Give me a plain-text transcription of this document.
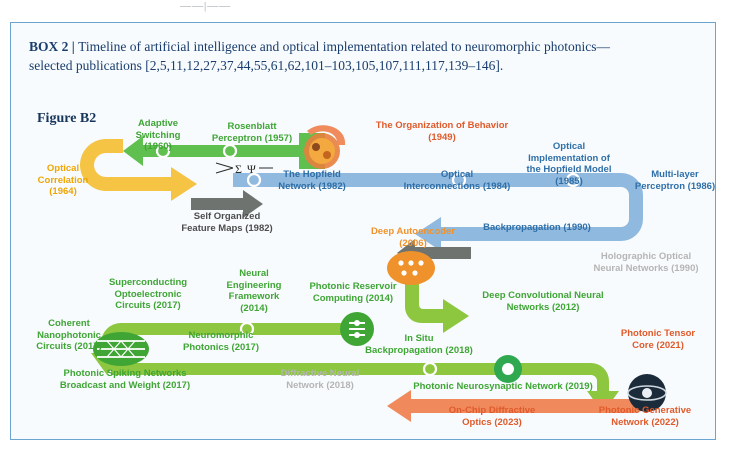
——|——
BOX 2 | Timeline of artificial intelligence and optical implementation related to neuromorphic photonics—
selected publications [2,5,11,12,27,37,44,55,61,62,101–103,105,107,111,117,139–146].
Figure B2
Σ Ψ
Adaptive
Switching
(1960)
Rosenblatt
Perceptron (1957)
The Organization of Behavior
(1949)
Optical
Correlation
(1964)
The Hopfield
Network (1982)
Optical
Interconnections (1984)
Optical
Implementation of
the Hopfield Model
(1985)
Multi-layer
Perceptron (1986)
Self Organized
Feature Maps (1982)	Backpropagation (1990)
Holographic Optical
Neural Networks (1990)
Deep Autoencoder
(2006)
Deep Convolutional Neural
Networks (2012)
Neural
Engineering
Framework
(2014)
Photonic Reservoir
Computing (2014)
Superconducting
Optoelectronic
Circuits (2017)
Coherent
Nanophotonic
Circuits (2017)
Neuromorphic
Photonics (2017)
Photonic Spiking Networks
Broadcast and Weight (2017)
Diffractive Neural
Network (2018)
In Situ
Backpropagation (2018)
Photonic Neurosynaptic Network (2019)
Photonic Tensor
Core (2021)
Photonic Generative
Network (2022)
On-Chip Diffractive
Optics (2023)
